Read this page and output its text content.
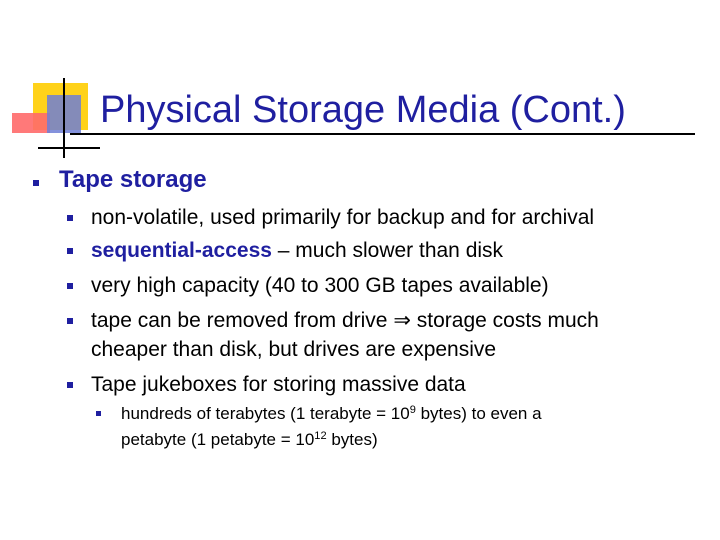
Physical Storage Media (Cont.)
Tape storage
non-volatile, used primarily for backup and for archival
sequential-access – much slower than disk
very high capacity (40 to 300 GB tapes available)
tape can be removed from drive ⇒ storage costs much
cheaper than disk, but drives are expensive
Tape jukeboxes for storing massive data
hundreds of terabytes (1 terabyte = $10^9$ bytes) to even a
petabyte (1 petabyte = $10^{12}$ bytes)
